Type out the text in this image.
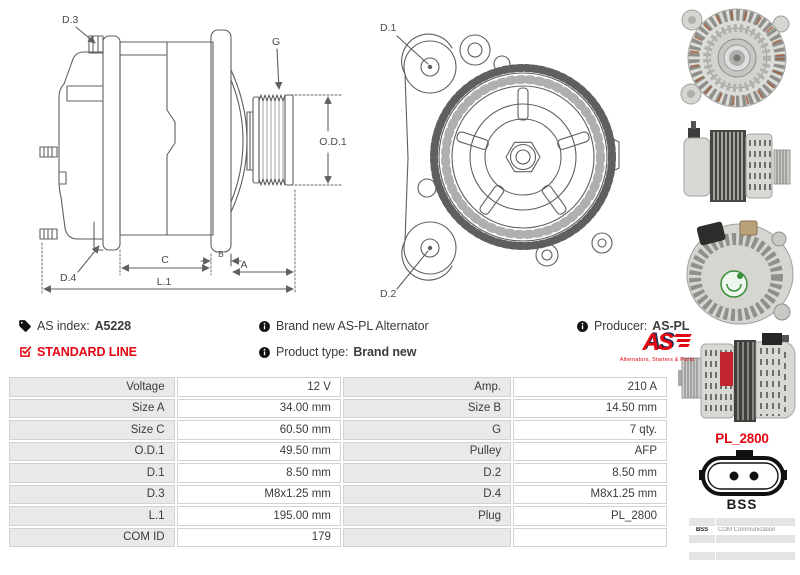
D.3
G
O.D.1
D.4
C	B
A
L.1
D.1
D.2
AS index: A5228
STANDARD LINE
Brand new AS-PL Alternator
Product type: Brand new
Producer: AS-PL
AS
Alternators, Starters & Parts
Voltage	12 V	Amp.	210 A
Size A	34.00 mm	Size B	14.50 mm
Size C	60.50 mm	G	7 qty.
O.D.1	49.50 mm	Pulley	AFP
D.1	8.50 mm	D.2	8.50 mm
D.3	M8x1.25 mm	D.4	M8x1.25 mm
L.1	195.00 mm	Plug	PL_2800
COM ID	179		
PL_2800
BSS

BSS	COM Communication
